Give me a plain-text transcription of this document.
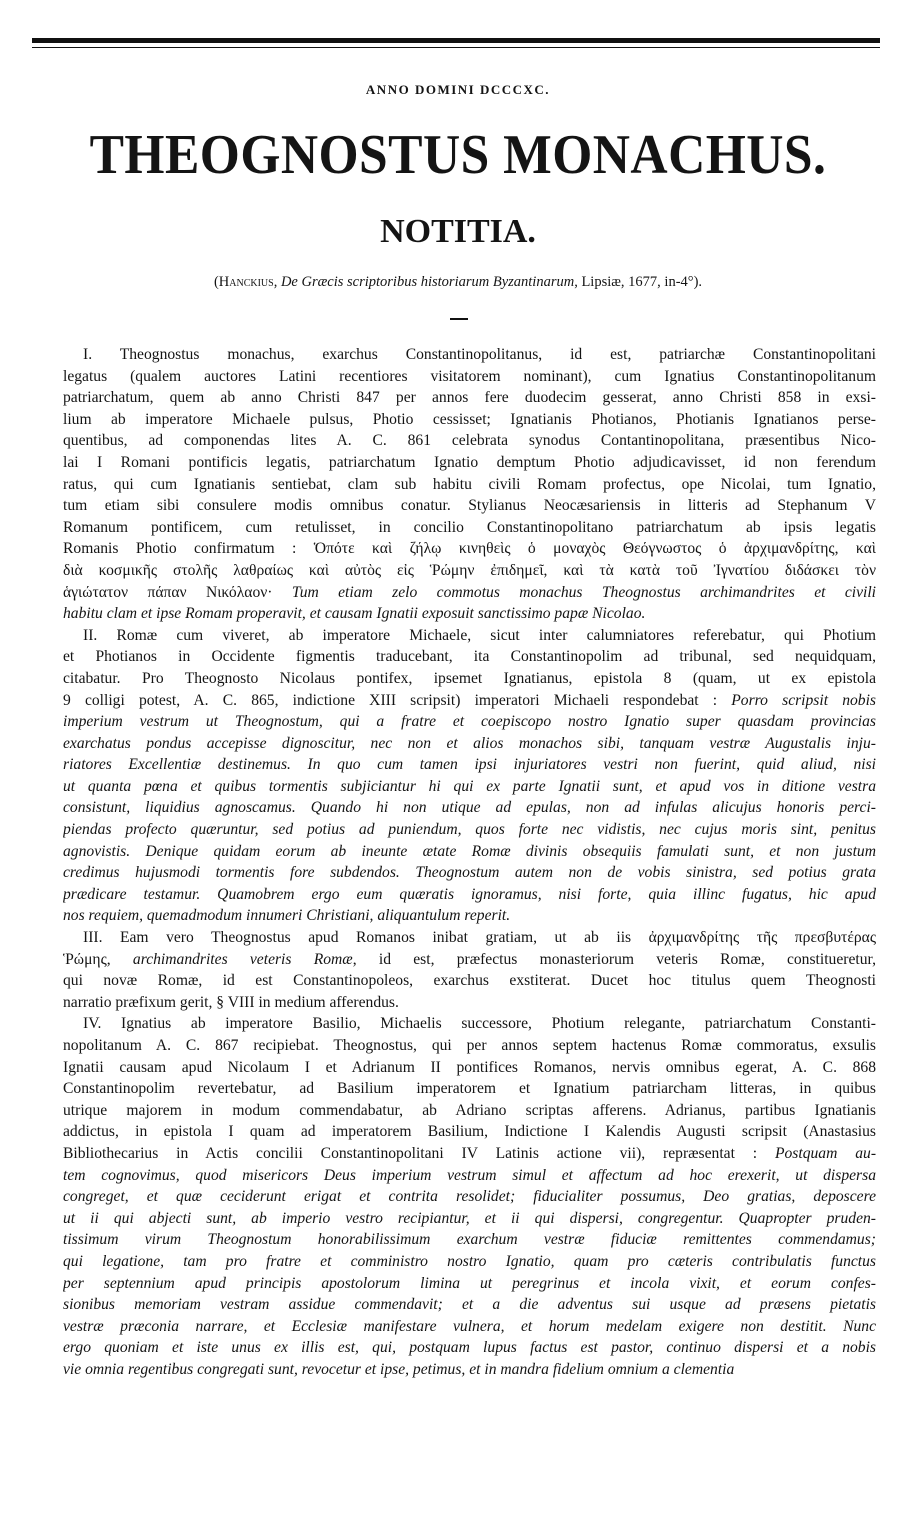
ANNO DOMINI DCCCXC.
THEOGNOSTUS MONACHUS.
NOTITIA.
(Hanckius, De Græcis scriptoribus historiarum Byzantinarum, Lipsiæ, 1677, in-4°).
I. Theognostus monachus, exarchus Constantinopolitanus, id est, patriarchæ Constantinopolitani
legatus (qualem auctores Latini recentiores visitatorem nominant), cum Ignatius Constantinopolitanum
patriarchatum, quem ab anno Christi 847 per annos fere duodecim gesserat, anno Christi 858 in exsi-
lium ab imperatore Michaele pulsus, Photio cessisset; Ignatianis Photianos, Photianis Ignatianos perse-
quentibus, ad componendas lites A. C. 861 celebrata synodus Contantinopolitana, præsentibus Nico-
lai I Romani pontificis legatis, patriarchatum Ignatio demptum Photio adjudicavisset, id non ferendum
ratus, qui cum Ignatianis sentiebat, clam sub habitu civili Romam profectus, ope Nicolai, tum Ignatio,
tum etiam sibi consulere modis omnibus conatur. Stylianus Neocæsariensis in litteris ad Stephanum V
Romanum pontificem, cum retulisset, in concilio Constantinopolitano patriarchatum ab ipsis legatis
Romanis Photio confirmatum : Ὁπότε καὶ ζήλῳ κινηθεὶς ὁ μοναχὸς Θεόγνωστος ὁ ἀρχιμανδρίτης, καὶ
διὰ κοσμικῆς στολῆς λαθραίως καὶ αὐτὸς εἰς Ῥώμην ἐπιδημεῖ, καὶ τὰ κατὰ τοῦ Ἰγνατίου διδάσκει τὸν
ἁγιώτατον πάπαν Νικόλαον· Tum etiam zelo commotus monachus Theognostus archimandrites et civili
habitu clam et ipse Romam properavit, et causam Ignatii exposuit sanctissimo papæ Nicolao.
II. Romæ cum viveret, ab imperatore Michaele, sicut inter calumniatores referebatur, qui Photium
et Photianos in Occidente figmentis traducebant, ita Constantinopolim ad tribunal, sed nequidquam,
citabatur. Pro Theognosto Nicolaus pontifex, ipsemet Ignatianus, epistola 8 (quam, ut ex epistola
9 colligi potest, A. C. 865, indictione XIII scripsit) imperatori Michaeli respondebat : Porro scripsit nobis
imperium vestrum ut Theognostum, qui a fratre et coepiscopo nostro Ignatio super quasdam provincias
exarchatus pondus accepisse dignoscitur, nec non et alios monachos sibi, tanquam vestræ Augustalis inju-
riatores Excellentiæ destinemus. In quo cum tamen ipsi injuriatores vestri non fuerint, quid aliud, nisi
ut quanta pœna et quibus tormentis subjiciantur hi qui ex parte Ignatii sunt, et apud vos in ditione vestra
consistunt, liquidius agnoscamus. Quando hi non utique ad epulas, non ad infulas alicujus honoris perci-
piendas profecto quæruntur, sed potius ad puniendum, quos forte nec vidistis, nec cujus moris sint, penitus
agnovistis. Denique quidam eorum ab ineunte ætate Romæ divinis obsequiis famulati sunt, et non justum
credimus hujusmodi tormentis fore subdendos. Theognostum autem non de vobis sinistra, sed potius grata
prædicare testamur. Quamobrem ergo eum quæratis ignoramus, nisi forte, quia illinc fugatus, hic apud
nos requiem, quemadmodum innumeri Christiani, aliquantulum reperit.
III. Eam vero Theognostus apud Romanos inibat gratiam, ut ab iis ἀρχιμανδρίτης τῆς πρεσβυτέρας
Ῥώμης, archimandrites veteris Romæ, id est, præfectus monasteriorum veteris Romæ, constitueretur,
qui novæ Romæ, id est Constantinopoleos, exarchus exstiterat. Ducet hoc titulus quem Theognosti
narratio præfixum gerit, § VIII in medium afferendus.
IV. Ignatius ab imperatore Basilio, Michaelis successore, Photium relegante, patriarchatum Constanti-
nopolitanum A. C. 867 recipiebat. Theognostus, qui per annos septem hactenus Romæ commoratus, exsulis
Ignatii causam apud Nicolaum I et Adrianum II pontifices Romanos, nervis omnibus egerat, A. C. 868
Constantinopolim revertebatur, ad Basilium imperatorem et Ignatium patriarcham litteras, in quibus
utrique majorem in modum commendabatur, ab Adriano scriptas afferens. Adrianus, partibus Ignatianis
addictus, in epistola I quam ad imperatorem Basilium, Indictione I Kalendis Augusti scripsit (Anastasius
Bibliothecarius in Actis concilii Constantinopolitani IV Latinis actione vii), repræsentat : Postquam au-
tem cognovimus, quod misericors Deus imperium vestrum simul et affectum ad hoc erexerit, ut dispersa
congreget, et quæ ceciderunt erigat et contrita resolidet; fiducialiter possumus, Deo gratias, deposcere
ut ii qui abjecti sunt, ab imperio vestro recipiantur, et ii qui dispersi, congregentur. Quapropter pruden-
tissimum virum Theognostum honorabilissimum exarchum vestræ fiduciæ remittentes commendamus;
qui legatione, tam pro fratre et comministro nostro Ignatio, quam pro cæteris contribulatis functus
per septennium apud principis apostolorum limina ut peregrinus et incola vixit, et eorum confes-
sionibus memoriam vestram assidue commendavit; et a die adventus sui usque ad præsens pietatis
vestræ præconia narrare, et Ecclesiæ manifestare vulnera, et horum medelam exigere non destitit. Nunc
ergo quoniam et iste unus ex illis est, qui, postquam lupus factus est pastor, continuo dispersi et a nobis
vie omnia regentibus congregati sunt, revocetur et ipse, petimus, et in mandra fidelium omnium a clementia
